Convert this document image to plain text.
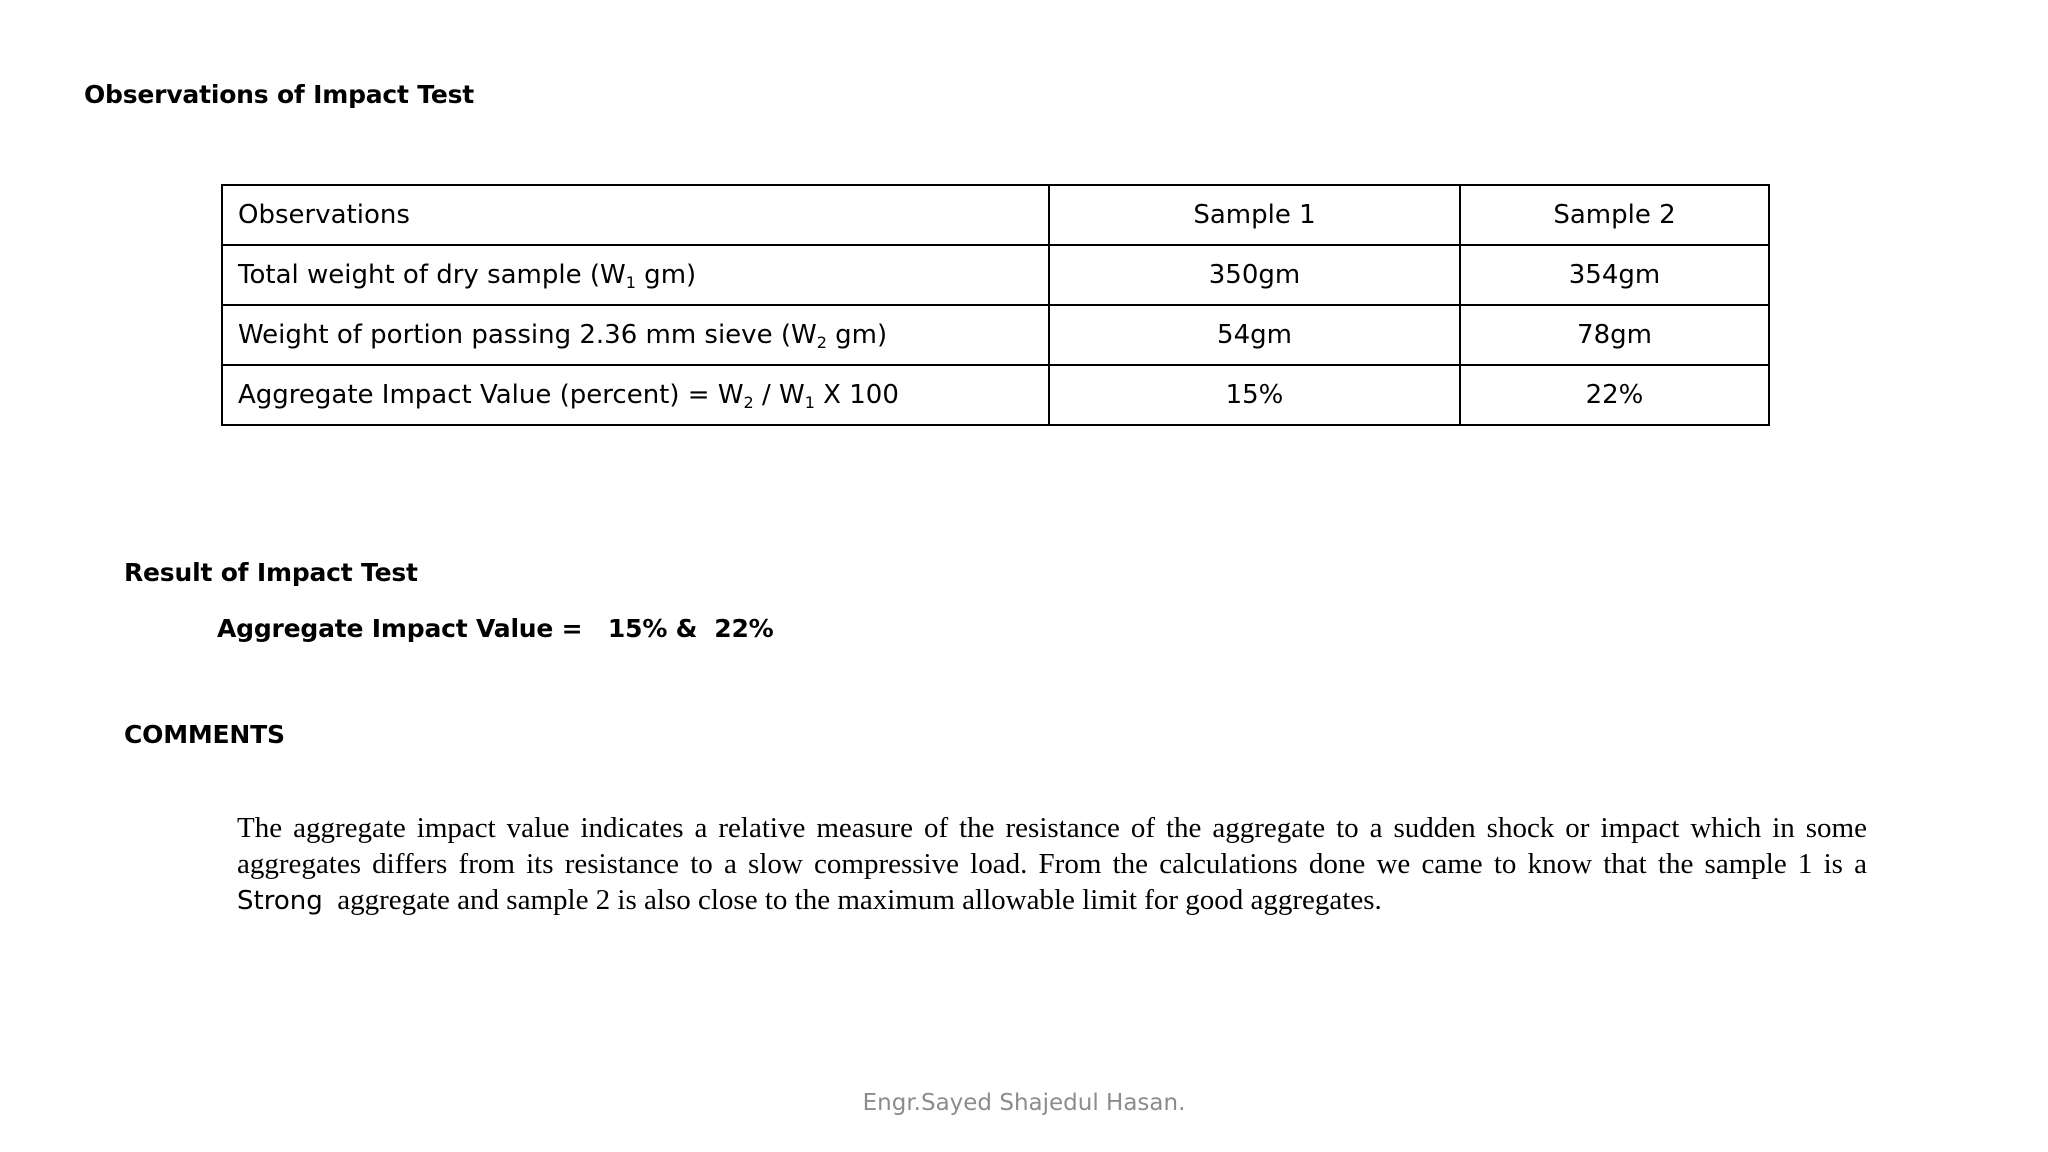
Observations of Impact Test
Observations	Sample 1	Sample 2
Total weight of dry sample ($W_1$ gm)	350gm	354gm
Weight of portion passing 2.36 mm sieve ($W_2$ gm)	54gm	78gm
Aggregate Impact Value (percent) = $W_2 / W_1$ X 100	15%	22%
Result of Impact Test
Aggregate Impact Value =   15% &  22%
COMMENTS
The aggregate impact value indicates a relative measure of the resistance of the aggregate to a sudden shock or impact which in some aggregates differs from its resistance to a slow compressive load. From the calculations done we came to know that the sample 1 is a Strong  aggregate and sample 2 is also close to the maximum allowable limit for good aggregates.
Engr.Sayed Shajedul Hasan.
